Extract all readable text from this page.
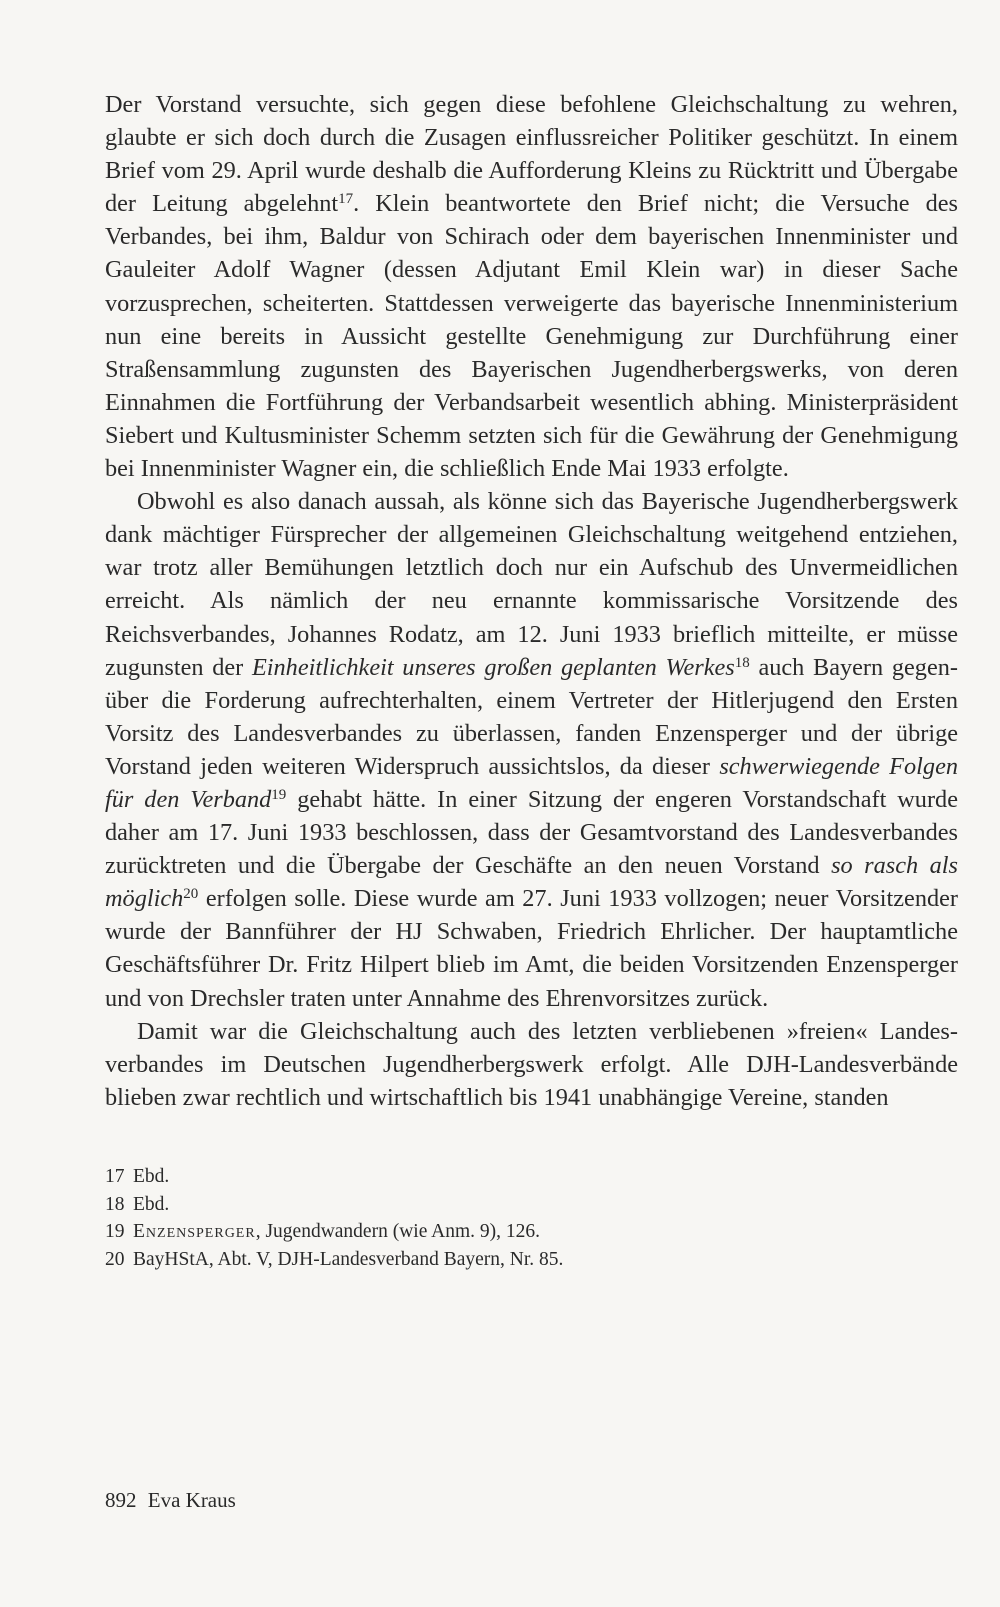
Der Vorstand versuchte, sich gegen diese befohlene Gleichschaltung zu wehren, glaubte er sich doch durch die Zusagen einflussreicher Politiker geschützt. In einem Brief vom 29. April wurde deshalb die Aufforderung Kleins zu Rücktritt und Übergabe der Leitung abgelehnt$^{17}$. Klein beantwortete den Brief nicht; die Versuche des Verbandes, bei ihm, Baldur von Schirach oder dem bayerischen Innenminister und Gauleiter Adolf Wagner (dessen Adjutant Emil Klein war) in dieser Sache vorzusprechen, scheiterten. Stattdessen verweigerte das bayerische Innenministerium nun eine bereits in Aussicht gestellte Genehmigung zur Durchführung einer Straßensammlung zugunsten des Bayerischen Jugendherbergswerks, von deren Einnahmen die Fortführung der Verbandsarbeit wesentlich abhing. Ministerpräsident Siebert und Kultusminister Schemm setzten sich für die Gewährung der Genehmigung bei Innenminister Wagner ein, die schließlich Ende Mai 1933 erfolgte.

Obwohl es also danach aussah, als könne sich das Bayerische Jugendherbergswerk dank mächtiger Fürsprecher der allgemeinen Gleichschaltung weitgehend entziehen, war trotz aller Bemühungen letztlich doch nur ein Aufschub des Unvermeidlichen erreicht. Als nämlich der neu ernannte kommissarische Vorsitzende des Reichsverbandes, Johannes Rodatz, am 12. Juni 1933 brieflich mitteilte, er müsse zugunsten der Einheitlichkeit unseres großen geplanten Werkes$^{18}$ auch Bayern gegenüber die Forderung aufrechterhalten, einem Vertreter der Hitlerjugend den Ersten Vorsitz des Landesverbandes zu überlassen, fanden Enzensperger und der übrige Vorstand jeden weiteren Widerspruch aussichtslos, da dieser schwerwiegende Folgen für den Verband$^{19}$ gehabt hätte. In einer Sitzung der engeren Vorstandschaft wurde daher am 17. Juni 1933 beschlossen, dass der Gesamtvorstand des Landesverbandes zurücktreten und die Übergabe der Geschäfte an den neuen Vorstand so rasch als möglich$^{20}$ erfolgen solle. Diese wurde am 27. Juni 1933 vollzogen; neuer Vorsitzender wurde der Bannführer der HJ Schwaben, Friedrich Ehrlicher. Der hauptamtliche Geschäftsführer Dr. Fritz Hilpert blieb im Amt, die beiden Vorsitzenden Enzensperger und von Drechsler traten unter Annahme des Ehrenvorsitzes zurück.

Damit war die Gleichschaltung auch des letzten verbliebenen »freien« Landesverbandes im Deutschen Jugendherbergswerk erfolgt. Alle DJH-Landesverbände blieben zwar rechtlich und wirtschaftlich bis 1941 unabhängige Vereine, standen

17 Ebd.
18 Ebd.
19 Enzensperger, Jugendwandern (wie Anm. 9), 126.
20 BayHStA, Abt. V, DJH-Landesverband Bayern, Nr. 85.
892 Eva Kraus
